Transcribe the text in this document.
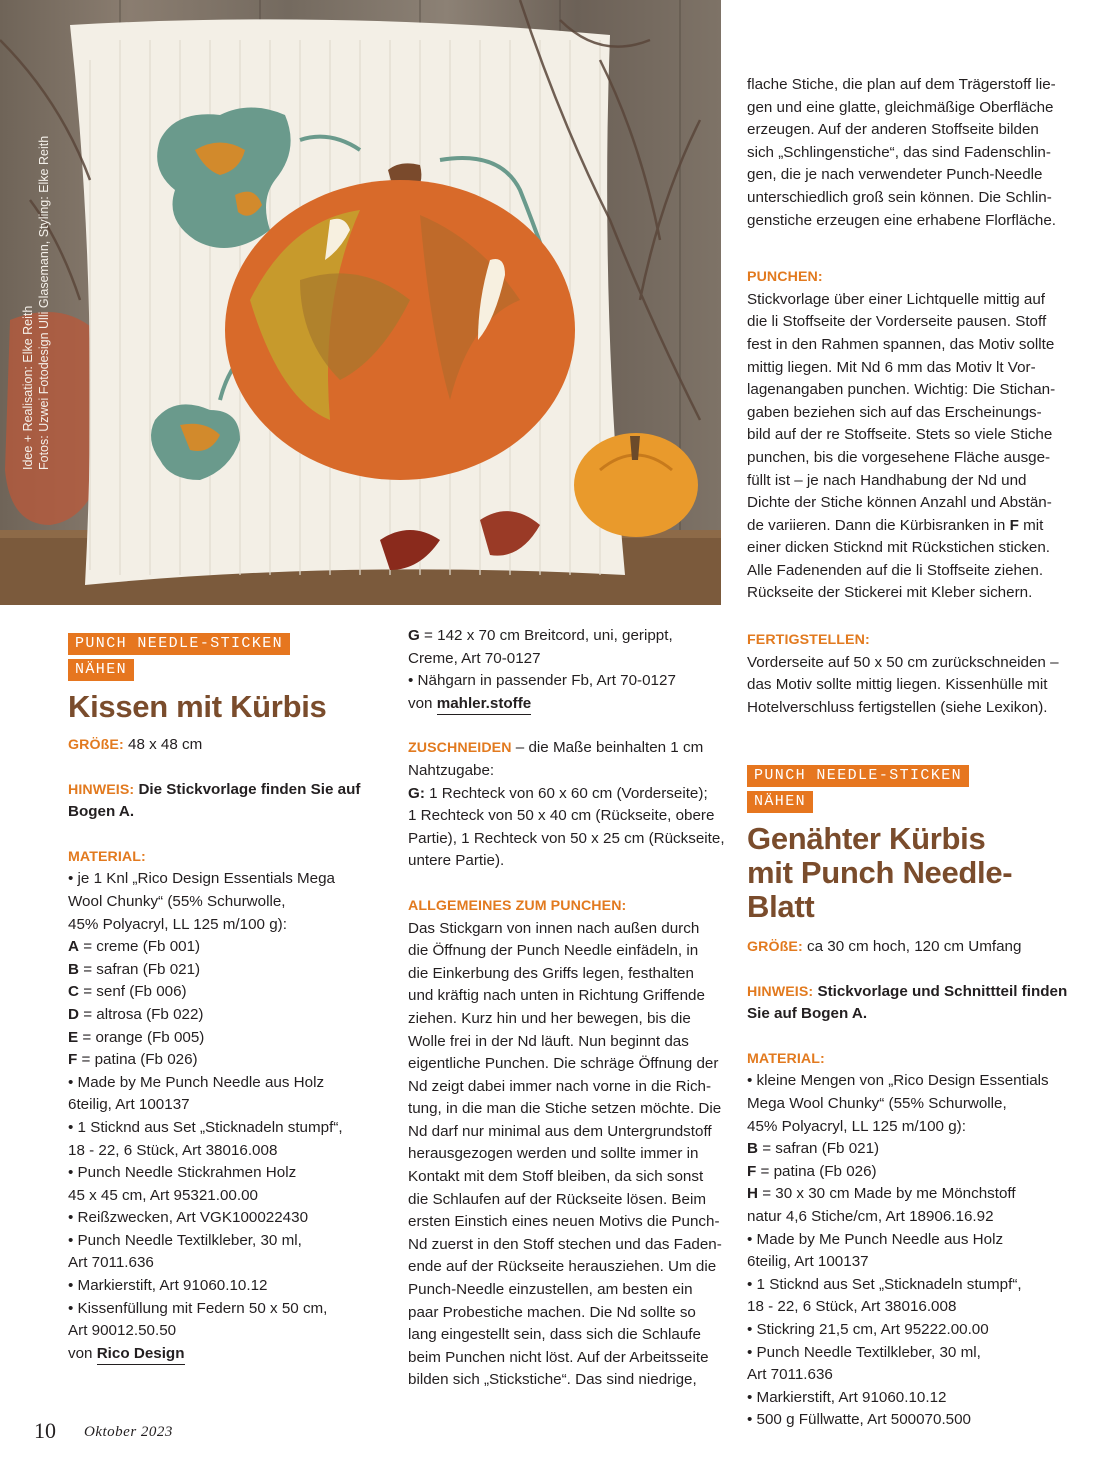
Idee + Realisation: Elke Reith Fotos: Uzwei Fotodesign Ulli Glasemann, Styling: Elke Reith
PUNCH NEEDLE-STICKEN
NÄHEN
Kissen mit Kürbis

GRÖßE: 48 x 48 cm

HINWEIS: Die Stickvorlage finden Sie auf

Bogen A.

MATERIAL:

• je 1 Knl „Rico Design Essentials Mega

Wool Chunky“ (55% Schurwolle,

45% Polyacryl, LL 125 m/100 g):

A = creme (Fb 001)

B = safran (Fb 021)

C = senf (Fb 006)

D = altrosa (Fb 022)

E = orange (Fb 005)

F = patina (Fb 026)

• Made by Me Punch Needle aus Holz

6teilig, Art 100137

• 1 Sticknd aus Set „Sticknadeln stumpf“,

18 - 22, 6 Stück, Art 38016.008

• Punch Needle Stickrahmen Holz

45 x 45 cm, Art 95321.00.00

• Reißzwecken, Art VGK100022430

• Punch Needle Textilkleber, 30 ml,

Art 7011.636

• Markierstift, Art 91060.10.12

• Kissenfüllung mit Federn 50 x 50 cm,

Art 90012.50.50

von Rico Design

G = 142 x 70 cm Breitcord, uni, gerippt,

Creme, Art 70-0127

• Nähgarn in passender Fb, Art 70-0127

von mahler.stoffe

ZUSCHNEIDEN – die Maße beinhalten 1 cm

Nahtzugabe:

G: 1 Rechteck von 60 x 60 cm (Vorderseite);

1 Rechteck von 50 x 40 cm (Rückseite, obere

Partie), 1 Rechteck von 50 x 25 cm (Rückseite,

untere Partie).

ALLGEMEINES ZUM PUNCHEN:

Das Stickgarn von innen nach außen durch

die Öffnung der Punch Needle einfädeln, in

die Einkerbung des Griffs legen, festhalten

und kräftig nach unten in Richtung Griffende

ziehen. Kurz hin und her bewegen, bis die

Wolle frei in der Nd läuft. Nun beginnt das

eigentliche Punchen. Die schräge Öffnung der

Nd zeigt dabei immer nach vorne in die Rich-

tung, in die man die Stiche setzen möchte. Die

Nd darf nur minimal aus dem Untergrundstoff

herausgezogen werden und sollte immer in

Kontakt mit dem Stoff bleiben, da sich sonst

die Schlaufen auf der Rückseite lösen. Beim

ersten Einstich eines neuen Motivs die Punch-

Nd zuerst in den Stoff stechen und das Faden-

ende auf der Rückseite herausziehen. Um die

Punch-Needle einzustellen, am besten ein

paar Probestiche machen. Die Nd sollte so

lang eingestellt sein, dass sich die Schlaufe

beim Punchen nicht löst. Auf der Arbeitsseite

bilden sich „Stickstiche“. Das sind niedrige,

flache Stiche, die plan auf dem Trägerstoff lie-

gen und eine glatte, gleichmäßige Oberfläche

erzeugen. Auf der anderen Stoffseite bilden

sich „Schlingenstiche“, das sind Fadenschlin-

gen, die je nach verwendeter Punch-Needle

unterschiedlich groß sein können. Die Schlin-

genstiche erzeugen eine erhabene Florfläche.

PUNCHEN:

Stickvorlage über einer Lichtquelle mittig auf

die li Stoffseite der Vorderseite pausen. Stoff

fest in den Rahmen spannen, das Motiv sollte

mittig liegen. Mit Nd 6 mm das Motiv lt Vor-

lagenangaben punchen. Wichtig: Die Stichan-

gaben beziehen sich auf das Erscheinungs-

bild auf der re Stoffseite. Stets so viele Stiche

punchen, bis die vorgesehene Fläche ausge-

füllt ist – je nach Handhabung der Nd und

Dichte der Stiche können Anzahl und Abstän-

de variieren. Dann die Kürbisranken in F mit

einer dicken Sticknd mit Rückstichen sticken.

Alle Fadenenden auf die li Stoffseite ziehen.

Rückseite der Stickerei mit Kleber sichern.

FERTIGSTELLEN:

Vorderseite auf 50 x 50 cm zurückschneiden –

das Motiv sollte mittig liegen. Kissenhülle mit

Hotelverschluss fertigstellen (siehe Lexikon).

PUNCH NEEDLE-STICKEN
NÄHEN
Genähter Kürbis
mit Punch Needle-Blatt

GRÖßE: ca 30 cm hoch, 120 cm Umfang

HINWEIS: Stickvorlage und Schnittteil finden

Sie auf Bogen A.

MATERIAL:

• kleine Mengen von „Rico Design Essentials

Mega Wool Chunky“ (55% Schurwolle,

45% Polyacryl, LL 125 m/100 g):

B = safran (Fb 021)

F = patina (Fb 026)

H = 30 x 30 cm Made by me Mönchstoff

natur 4,6 Stiche/cm, Art 18906.16.92

• Made by Me Punch Needle aus Holz

6teilig, Art 100137

• 1 Sticknd aus Set „Sticknadeln stumpf“,

18 - 22, 6 Stück, Art 38016.008

• Stickring 21,5 cm, Art 95222.00.00

• Punch Needle Textilkleber, 30 ml,

Art 7011.636

• Markierstift, Art 91060.10.12

• 500 g Füllwatte, Art 500070.500

10 Oktober 2023
